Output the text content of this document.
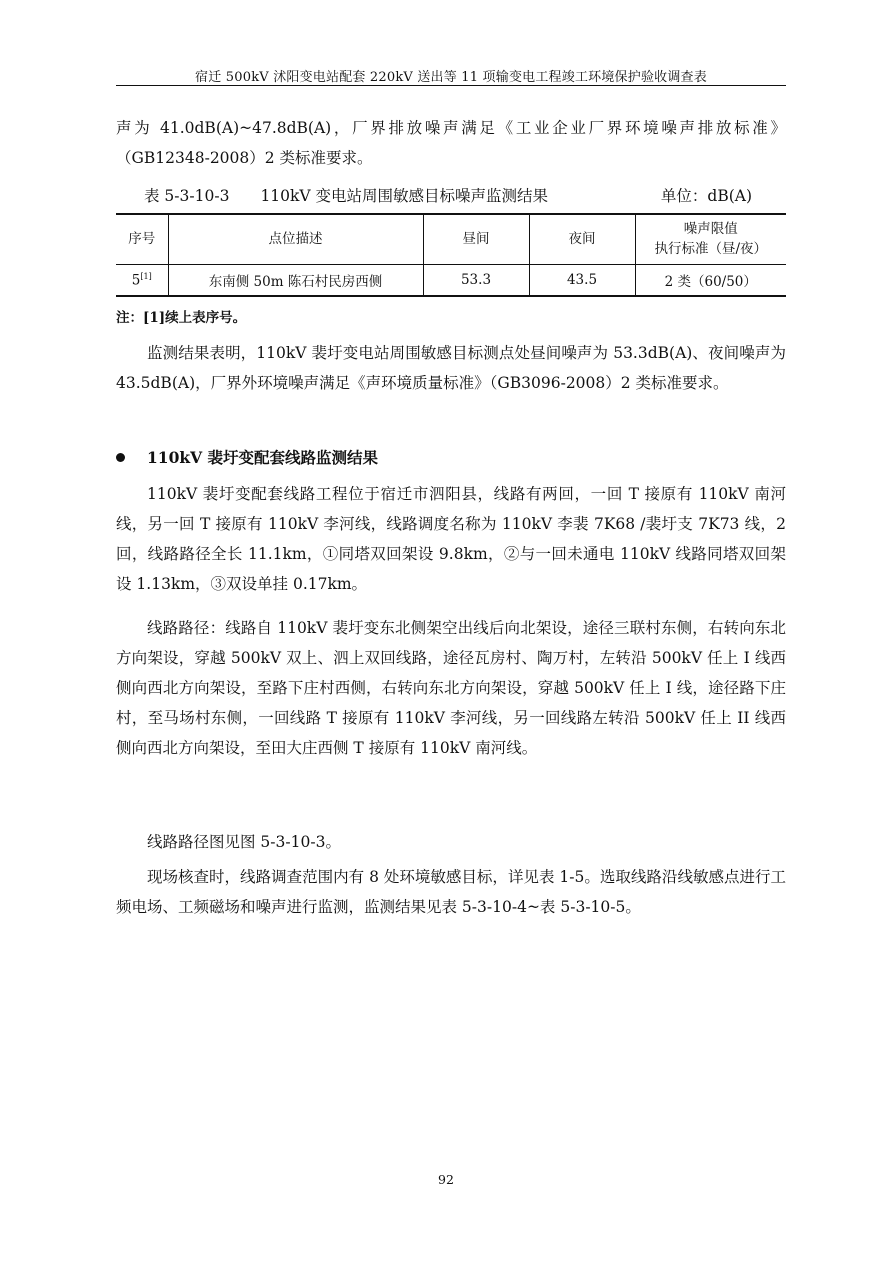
宿迁 500kV 沭阳变电站配套 220kV 送出等 11 项输变电工程竣工环境保护验收调查表

声为 41.0dB(A)~47.8dB(A)，厂界排放噪声满足《工业企业厂界环境噪声排放标准》（GB12348-2008）2 类标准要求。

表 5-3-10-3　　110kV 变电站周围敏感目标噪声监测结果	单位：dB(A)
序号	点位描述	昼间	夜间	噪声限值
执行标准（昼/夜）

5[1]	东南侧 50m 陈石村民房西侧	53.3	43.5	2 类（60/50）
注：[1]续上表序号。

监测结果表明，110kV 裴圩变电站周围敏感目标测点处昼间噪声为 53.3dB(A)、夜间噪声为 43.5dB(A)，厂界外环境噪声满足《声环境质量标准》（GB3096-2008）2 类标准要求。

110kV 裴圩变配套线路监测结果

110kV 裴圩变配套线路工程位于宿迁市泗阳县，线路有两回，一回 T 接原有 110kV 南河线，另一回 T 接原有 110kV 李河线，线路调度名称为 110kV 李裴 7K68 /裴圩支 7K73 线，2 回，线路路径全长 11.1km，①同塔双回架设 9.8km，②与一回未通电 110kV 线路同塔双回架设 1.13km，③双设单挂 0.17km。

线路路径：线路自 110kV 裴圩变东北侧架空出线后向北架设，途径三联村东侧，右转向东北方向架设，穿越 500kV 双上、泗上双回线路，途径瓦房村、陶万村，左转沿 500kV 任上 I 线西侧向西北方向架设，至路下庄村西侧，右转向东北方向架设，穿越 500kV 任上 I 线，途径路下庄村，至马场村东侧，一回线路 T 接原有 110kV 李河线，另一回线路左转沿 500kV 任上 II 线西侧向西北方向架设，至田大庄西侧 T 接原有 110kV 南河线。

线路路径图见图 5-3-10-3。

现场核查时，线路调查范围内有 8 处环境敏感目标，详见表 1-5。选取线路沿线敏感点进行工频电场、工频磁场和噪声进行监测，监测结果见表 5-3-10-4~表 5-3-10-5。

92
